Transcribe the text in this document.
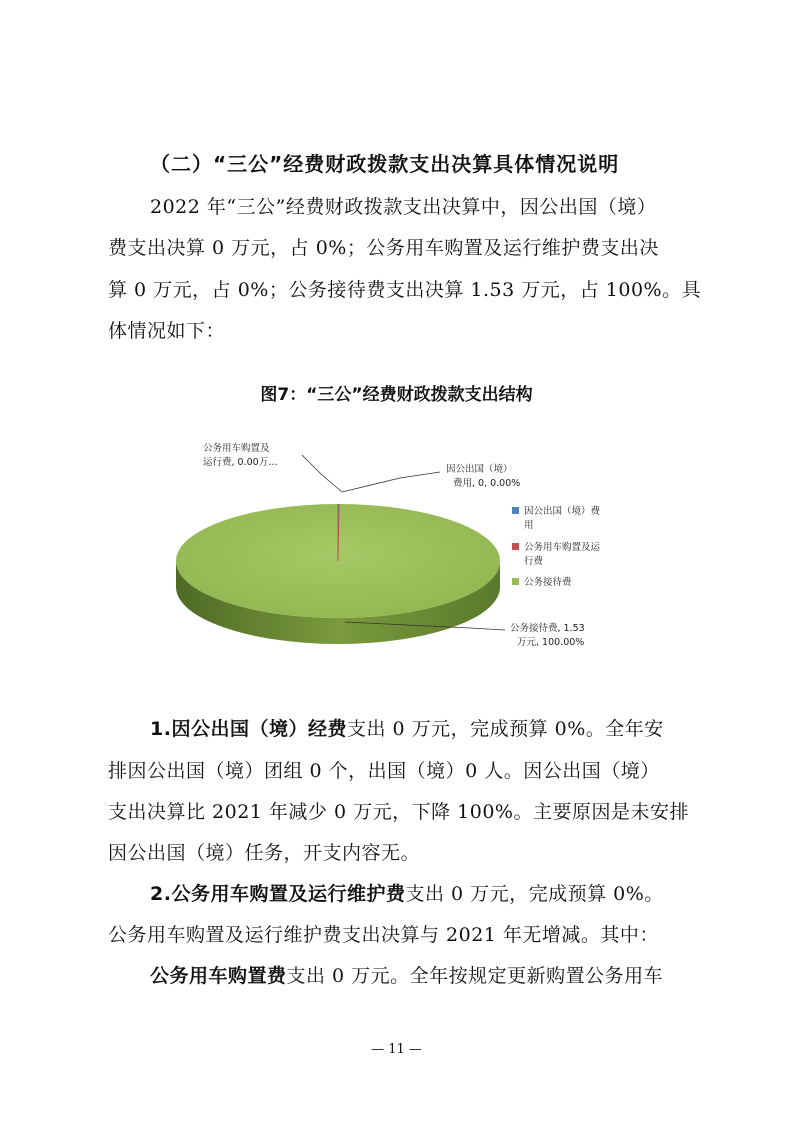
（二）“三公”经费财政拨款支出决算具体情况说明
2022 年“三公”经费财政拨款支出决算中，因公出国（境）
费支出决算 0 万元，占 0%；公务用车购置及运行维护费支出决
算 0 万元，占 0%；公务接待费支出决算 1.53 万元，占 100%。具
体情况如下：
图7：“三公”经费财政拨款支出结构
公务用车购置及
运行费, 0.00万…
因公出国（境）
费用, 0, 0.00%
公务接待费, 1.53
万元, 100.00%
因公出国（境）费
用
公务用车购置及运
行费
公务接待费
1.因公出国（境）经费支出 0 万元，完成预算 0%。全年安
排因公出国（境）团组 0 个，出国（境）0 人。因公出国（境）
支出决算比 2021 年减少 0 万元，下降 100%。主要原因是未安排
因公出国（境）任务，开支内容无。
2.公务用车购置及运行维护费支出 0 万元，完成预算 0%。
公务用车购置及运行维护费支出决算与 2021 年无增减。其中：
公务用车购置费支出 0 万元。全年按规定更新购置公务用车
— 11 —
